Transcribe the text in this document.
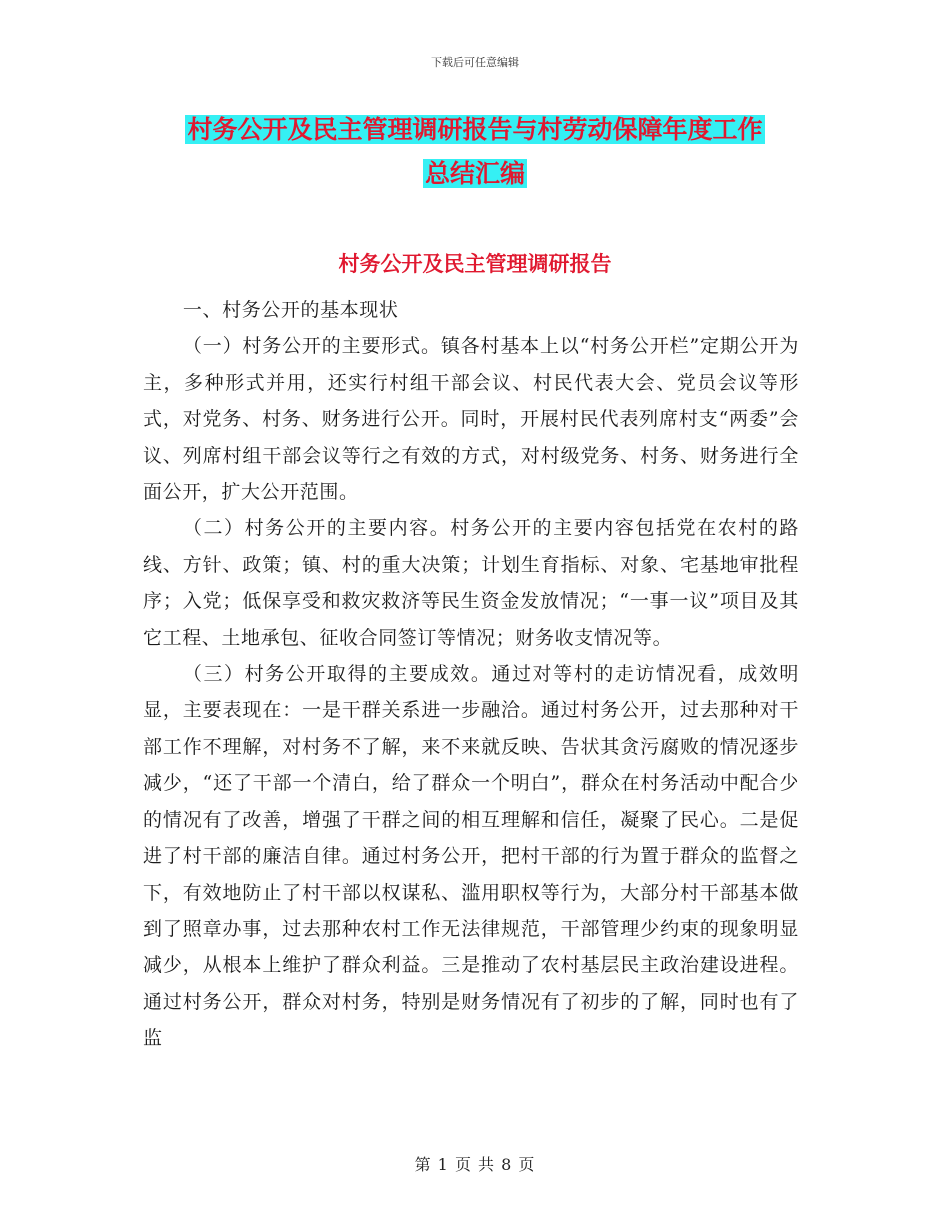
下载后可任意编辑
村务公开及民主管理调研报告与村劳动保障年度工作
总结汇编
村务公开及民主管理调研报告

一、村务公开的基本现状

（一）村务公开的主要形式。镇各村基本上以“村务公开栏”定期公开为主，多种形式并用，还实行村组干部会议、村民代表大会、党员会议等形式，对党务、村务、财务进行公开。同时，开展村民代表列席村支“两委”会议、列席村组干部会议等行之有效的方式，对村级党务、村务、财务进行全面公开，扩大公开范围。

（二）村务公开的主要内容。村务公开的主要内容包括党在农村的路线、方针、政策；镇、村的重大决策；计划生育指标、对象、宅基地审批程序；入党；低保享受和救灾救济等民生资金发放情况；“一事一议”项目及其它工程、土地承包、征收合同签订等情况；财务收支情况等。

（三）村务公开取得的主要成效。通过对等村的走访情况看，成效明显，主要表现在：一是干群关系进一步融洽。通过村务公开，过去那种对干部工作不理解，对村务不了解，来不来就反映、告状其贪污腐败的情况逐步减少，“还了干部一个清白，给了群众一个明白”，群众在村务活动中配合少的情况有了改善，增强了干群之间的相互理解和信任，凝聚了民心。二是促进了村干部的廉洁自律。通过村务公开，把村干部的行为置于群众的监督之下，有效地防止了村干部以权谋私、滥用职权等行为，大部分村干部基本做到了照章办事，过去那种农村工作无法律规范，干部管理少约束的现象明显减少，从根本上维护了群众利益。三是推动了农村基层民主政治建设进程。通过村务公开，群众对村务，特别是财务情况有了初步的了解，同时也有了监

第 1 页 共 8 页
